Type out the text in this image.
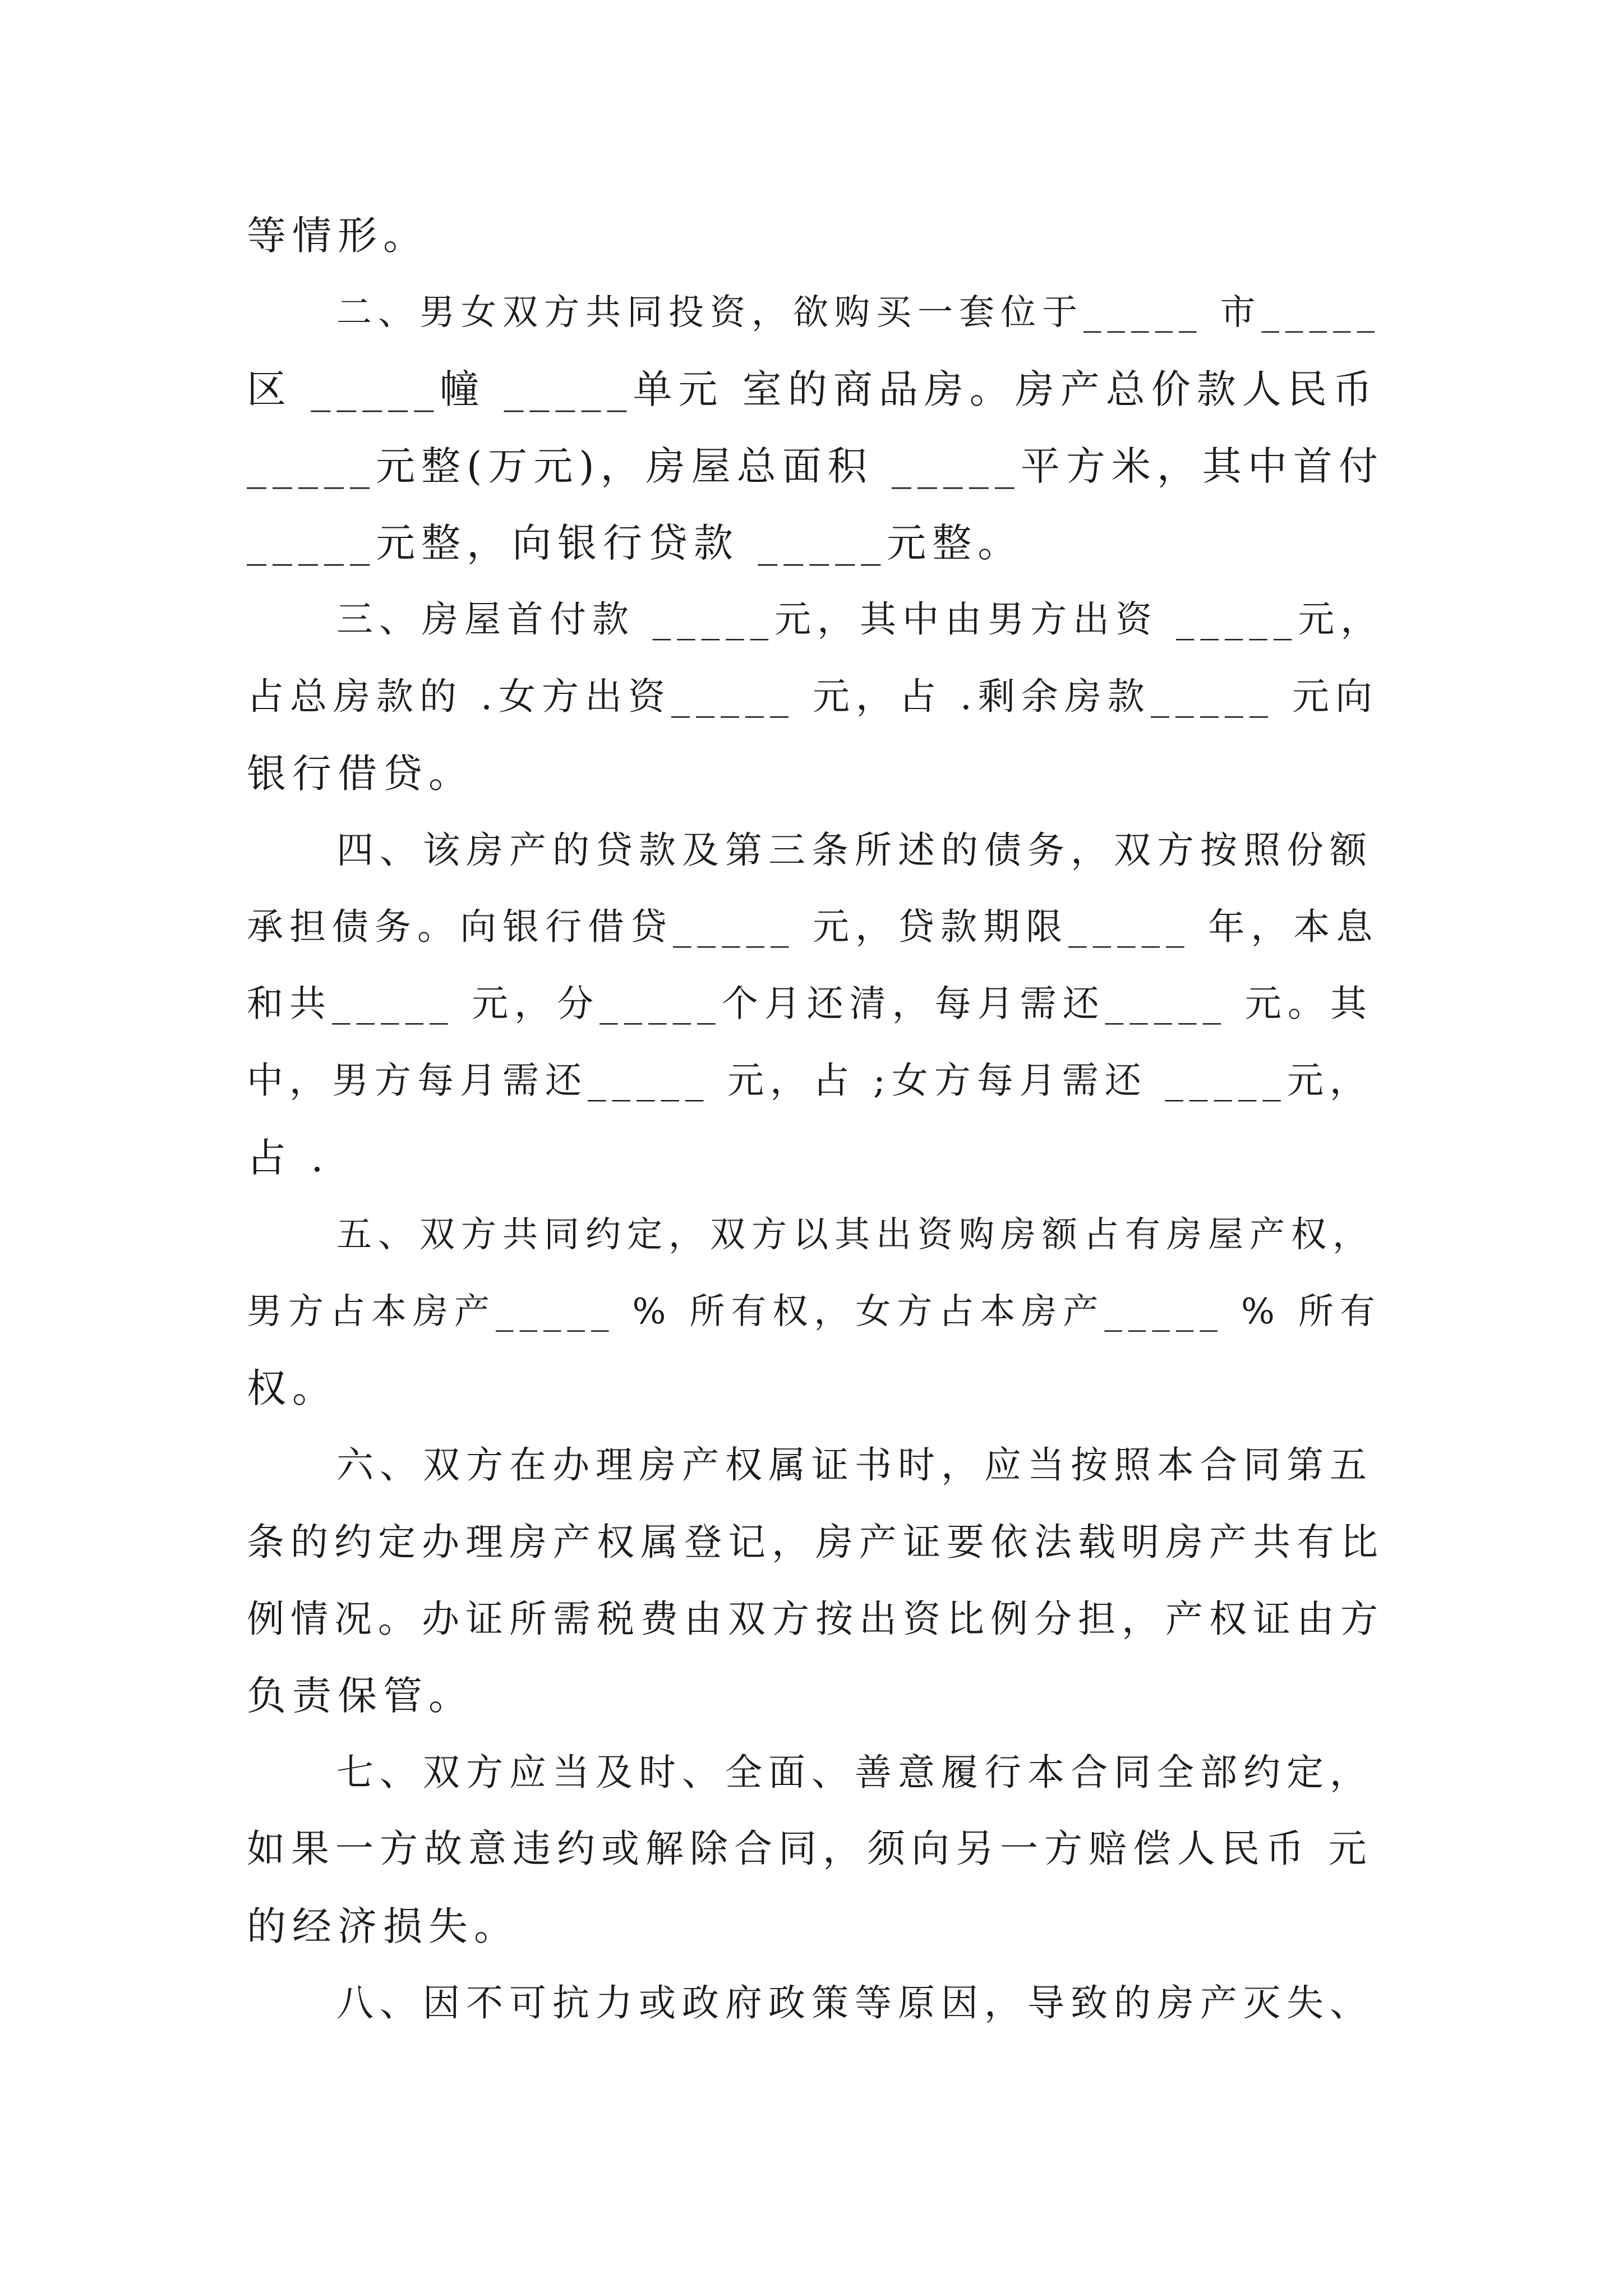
等情形。
二、男女双方共同投资，欲购买一套位于_____ 市_____
区 _____幢 _____单元 室的商品房。房产总价款人民币
_____元整(万元)，房屋总面积 _____平方米，其中首付
_____元整，向银行贷款 _____元整。
三、房屋首付款 _____元，其中由男方出资 _____元，
占总房款的 .女方出资_____ 元，占 .剩余房款_____ 元向
银行借贷。
四、该房产的贷款及第三条所述的债务，双方按照份额
承担债务。向银行借贷_____ 元，贷款期限_____ 年，本息
和共_____ 元，分_____个月还清，每月需还_____ 元。其
中，男方每月需还_____ 元，占 ;女方每月需还 _____元，
占 .
五、双方共同约定，双方以其出资购房额占有房屋产权，
男方占本房产_____ % 所有权，女方占本房产_____ % 所有
权。
六、双方在办理房产权属证书时，应当按照本合同第五
条的约定办理房产权属登记，房产证要依法载明房产共有比
例情况。办证所需税费由双方按出资比例分担，产权证由方
负责保管。
七、双方应当及时、全面、善意履行本合同全部约定，
如果一方故意违约或解除合同，须向另一方赔偿人民币 元
的经济损失。
八、因不可抗力或政府政策等原因，导致的房产灭失、
